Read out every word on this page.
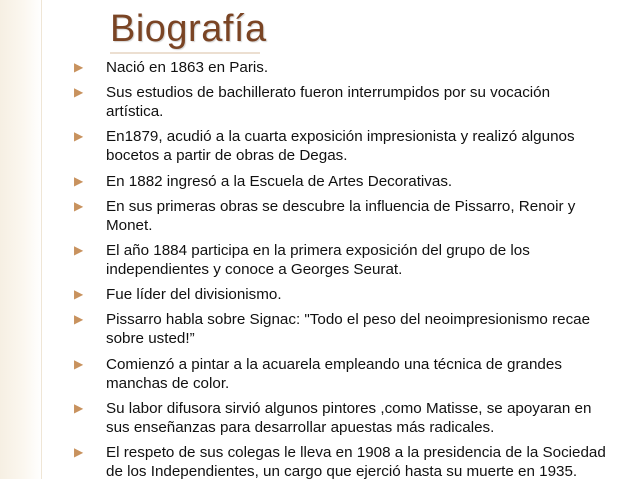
Biografía
▶	Nació en 1863 en Paris.
▶	Sus estudios de bachillerato fueron interrumpidos por su vocación
artística.
▶	En1879, acudió a la cuarta exposición impresionista y realizó algunos
bocetos a partir de obras de Degas.
▶	En 1882 ingresó a la Escuela de Artes Decorativas.
▶	En sus primeras obras se descubre la influencia de Pissarro, Renoir y
Monet.
▶	El año 1884 participa en la primera exposición del grupo de los
independientes y conoce a Georges Seurat.
▶	Fue líder del divisionismo.
▶	Pissarro habla sobre Signac: "Todo el peso del neoimpresionismo recae
sobre usted!”
▶	Comienzó a pintar a la acuarela empleando una técnica de grandes
manchas de color.
▶	Su labor difusora sirvió algunos pintores ,como Matisse, se apoyaran en
sus enseñanzas para desarrollar apuestas más radicales.
▶	El respeto de sus colegas le lleva en 1908 a la presidencia de la Sociedad
de los Independientes, un cargo que ejerció hasta su muerte en 1935.
